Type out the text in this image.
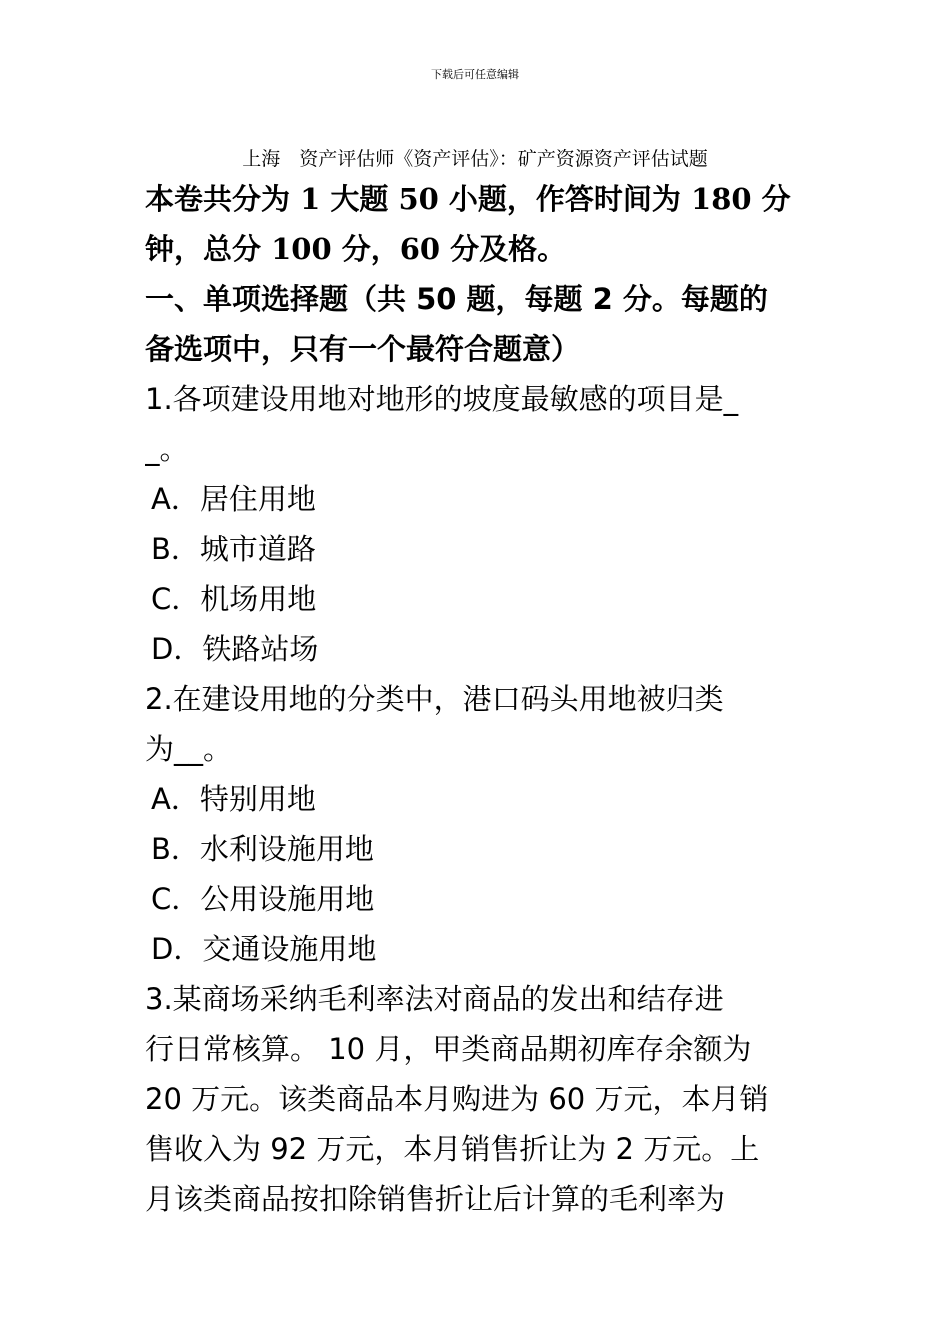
下载后可任意编辑
上海　资产评估师《资产评估》：矿产资源资产评估试题
本卷共分为 1 大题 50 小题，作答时间为 180 分
钟，总分 100 分，60 分及格。
一、单项选择题（共 50 题，每题 2 分。每题的
备选项中，只有一个最符合题意）
1.各项建设用地对地形的坡度最敏感的项目是_
_。
A．居住用地
B．城市道路
C．机场用地
D．铁路站场
2.在建设用地的分类中，港口码头用地被归类
为__。
A．特别用地
B．水利设施用地
C．公用设施用地
D．交通设施用地
3.某商场采纳毛利率法对商品的发出和结存进
行日常核算。 10 月，甲类商品期初库存余额为
20 万元。该类商品本月购进为 60 万元，本月销
售收入为 92 万元，本月销售折让为 2 万元。上
月该类商品按扣除销售折让后计算的毛利率为
